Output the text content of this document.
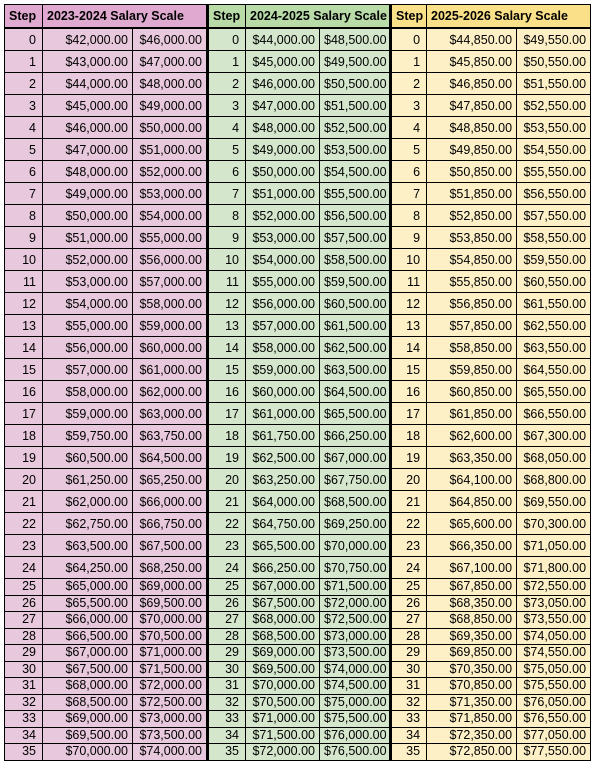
Step	2023-2024 Salary Scale		Step	2024-2025 Salary Scale		Step	2025-2026 Salary Scale	
0	$42,000.00	$46,000.00	0	$44,000.00	$48,500.00	0	$44,850.00	$49,550.00
1	$43,000.00	$47,000.00	1	$45,000.00	$49,500.00	1	$45,850.00	$50,550.00
2	$44,000.00	$48,000.00	2	$46,000.00	$50,500.00	2	$46,850.00	$51,550.00
3	$45,000.00	$49,000.00	3	$47,000.00	$51,500.00	3	$47,850.00	$52,550.00
4	$46,000.00	$50,000.00	4	$48,000.00	$52,500.00	4	$48,850.00	$53,550.00
5	$47,000.00	$51,000.00	5	$49,000.00	$53,500.00	5	$49,850.00	$54,550.00
6	$48,000.00	$52,000.00	6	$50,000.00	$54,500.00	6	$50,850.00	$55,550.00
7	$49,000.00	$53,000.00	7	$51,000.00	$55,500.00	7	$51,850.00	$56,550.00
8	$50,000.00	$54,000.00	8	$52,000.00	$56,500.00	8	$52,850.00	$57,550.00
9	$51,000.00	$55,000.00	9	$53,000.00	$57,500.00	9	$53,850.00	$58,550.00
10	$52,000.00	$56,000.00	10	$54,000.00	$58,500.00	10	$54,850.00	$59,550.00
11	$53,000.00	$57,000.00	11	$55,000.00	$59,500.00	11	$55,850.00	$60,550.00
12	$54,000.00	$58,000.00	12	$56,000.00	$60,500.00	12	$56,850.00	$61,550.00
13	$55,000.00	$59,000.00	13	$57,000.00	$61,500.00	13	$57,850.00	$62,550.00
14	$56,000.00	$60,000.00	14	$58,000.00	$62,500.00	14	$58,850.00	$63,550.00
15	$57,000.00	$61,000.00	15	$59,000.00	$63,500.00	15	$59,850.00	$64,550.00
16	$58,000.00	$62,000.00	16	$60,000.00	$64,500.00	16	$60,850.00	$65,550.00
17	$59,000.00	$63,000.00	17	$61,000.00	$65,500.00	17	$61,850.00	$66,550.00
18	$59,750.00	$63,750.00	18	$61,750.00	$66,250.00	18	$62,600.00	$67,300.00
19	$60,500.00	$64,500.00	19	$62,500.00	$67,000.00	19	$63,350.00	$68,050.00
20	$61,250.00	$65,250.00	20	$63,250.00	$67,750.00	20	$64,100.00	$68,800.00
21	$62,000.00	$66,000.00	21	$64,000.00	$68,500.00	21	$64,850.00	$69,550.00
22	$62,750.00	$66,750.00	22	$64,750.00	$69,250.00	22	$65,600.00	$70,300.00
23	$63,500.00	$67,500.00	23	$65,500.00	$70,000.00	23	$66,350.00	$71,050.00
24	$64,250.00	$68,250.00	24	$66,250.00	$70,750.00	24	$67,100.00	$71,800.00
25	$65,000.00	$69,000.00	25	$67,000.00	$71,500.00	25	$67,850.00	$72,550.00
26	$65,500.00	$69,500.00	26	$67,500.00	$72,000.00	26	$68,350.00	$73,050.00
27	$66,000.00	$70,000.00	27	$68,000.00	$72,500.00	27	$68,850.00	$73,550.00
28	$66,500.00	$70,500.00	28	$68,500.00	$73,000.00	28	$69,350.00	$74,050.00
29	$67,000.00	$71,000.00	29	$69,000.00	$73,500.00	29	$69,850.00	$74,550.00
30	$67,500.00	$71,500.00	30	$69,500.00	$74,000.00	30	$70,350.00	$75,050.00
31	$68,000.00	$72,000.00	31	$70,000.00	$74,500.00	31	$70,850.00	$75,550.00
32	$68,500.00	$72,500.00	32	$70,500.00	$75,000.00	32	$71,350.00	$76,050.00
33	$69,000.00	$73,000.00	33	$71,000.00	$75,500.00	33	$71,850.00	$76,550.00
34	$69,500.00	$73,500.00	34	$71,500.00	$76,000.00	34	$72,350.00	$77,050.00
35	$70,000.00	$74,000.00	35	$72,000.00	$76,500.00	35	$72,850.00	$77,550.00
